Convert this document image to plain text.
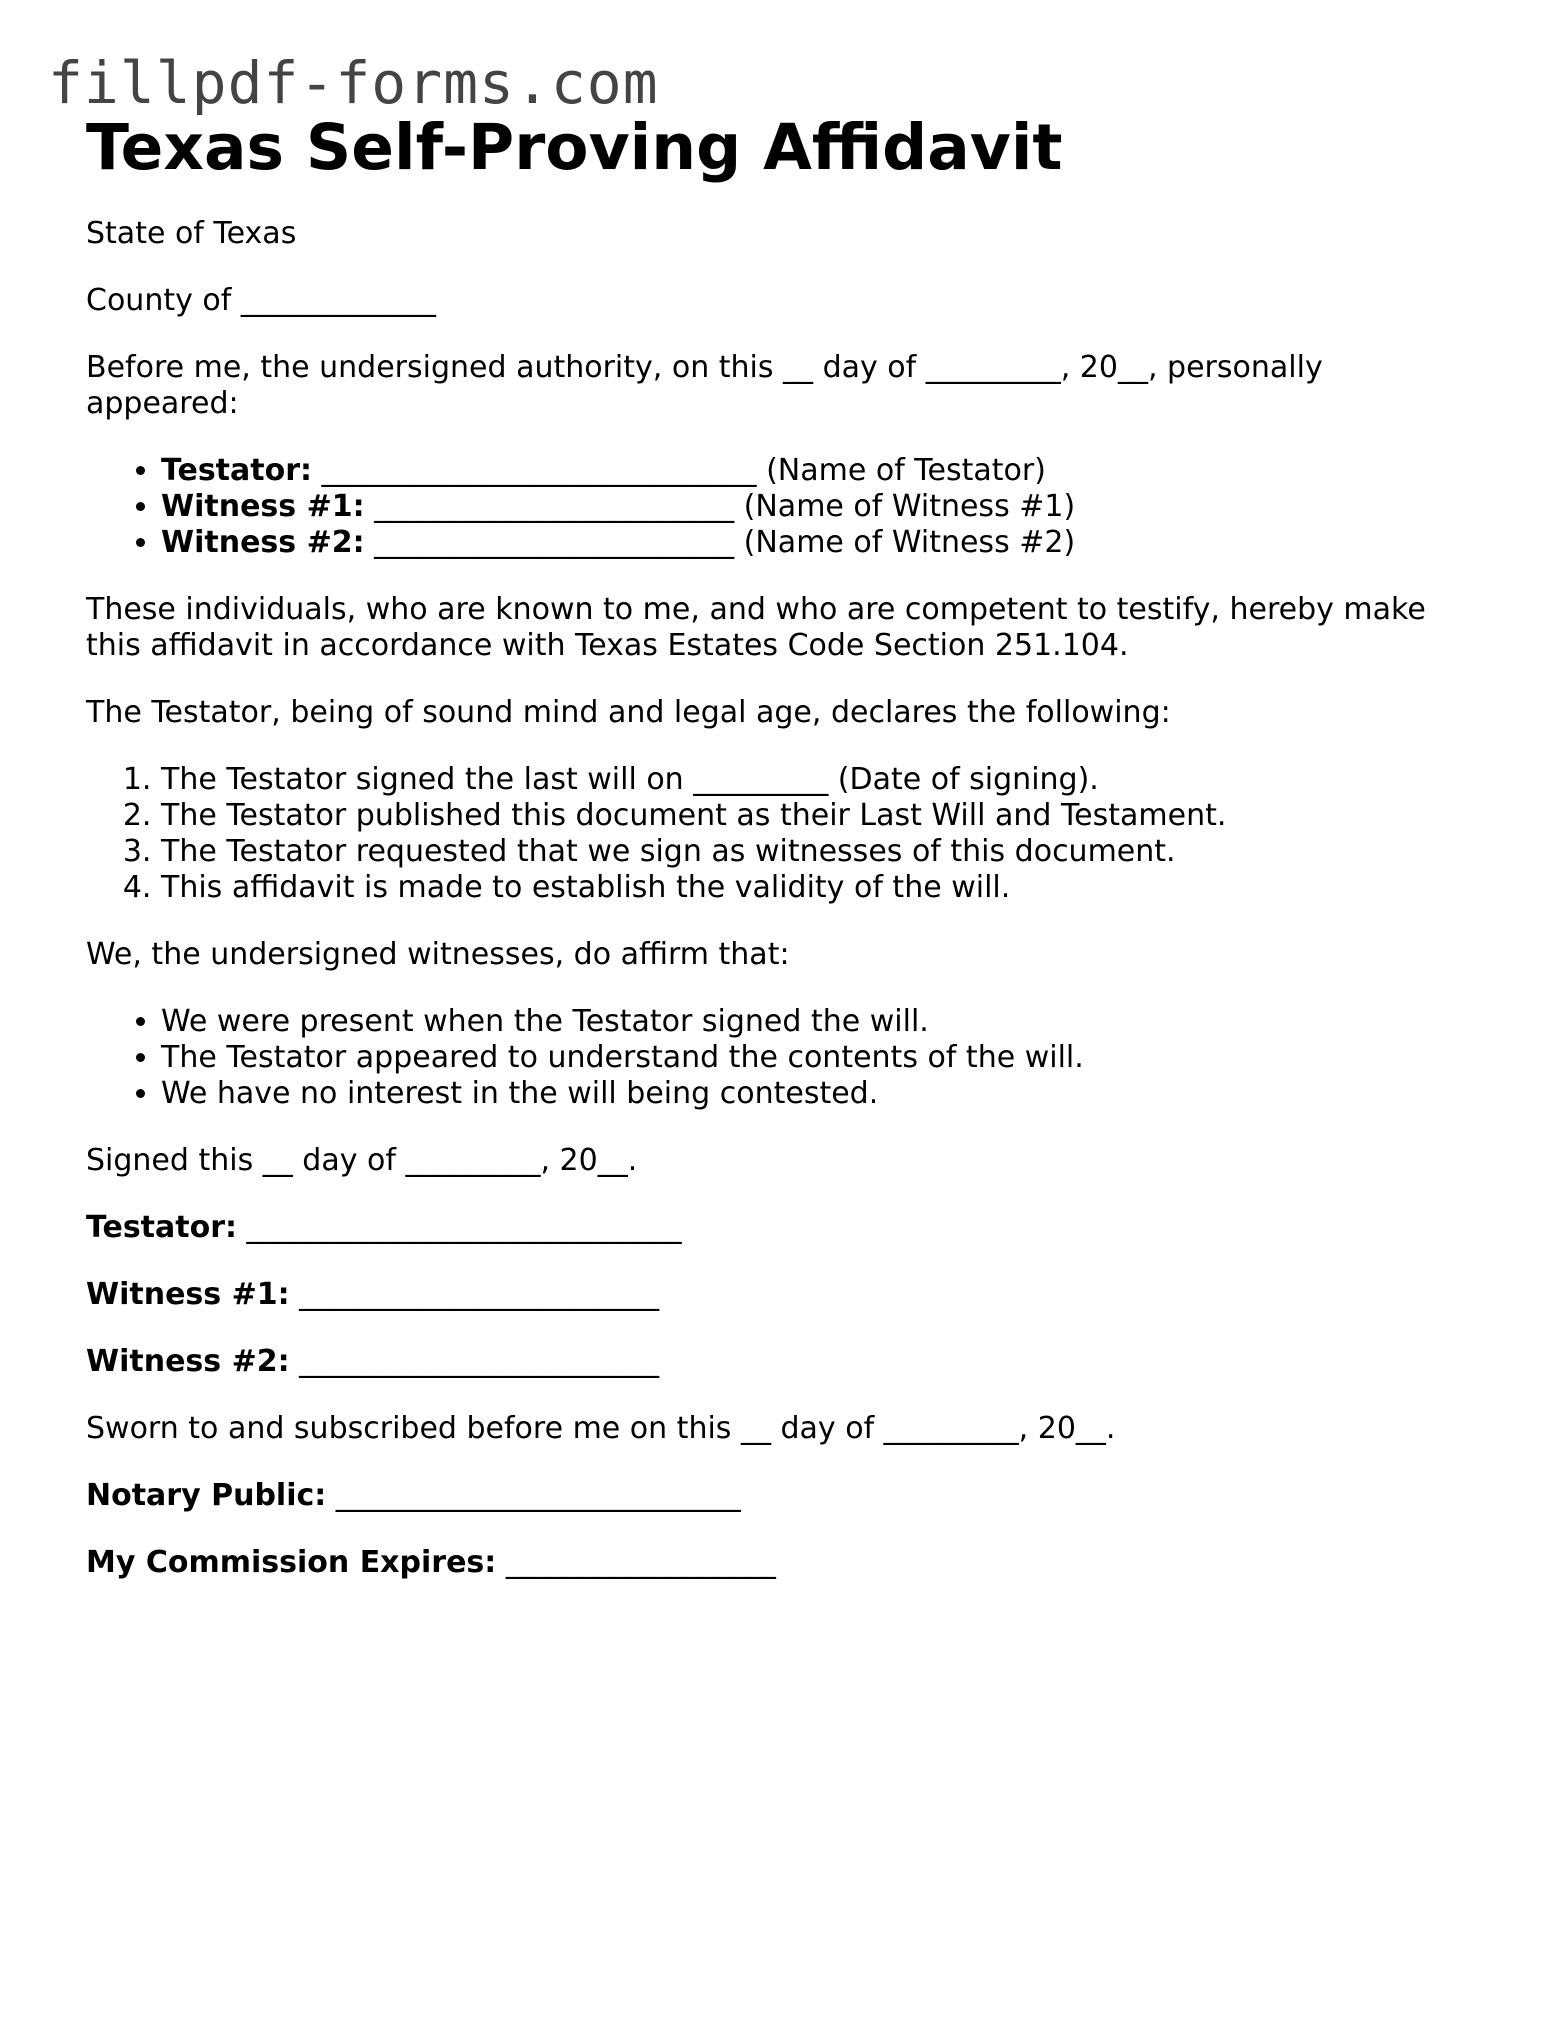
fillpdf-forms.com
Texas Self-Proving Affidavit

State of Texas

County of _____________

Before me, the undersigned authority, on this __ day of _________, 20__, personally appeared:

• Testator: _____________________________ (Name of Testator)
• Witness #1: ________________________ (Name of Witness #1)
• Witness #2: ________________________ (Name of Witness #2)

These individuals, who are known to me, and who are competent to testify, hereby make this affidavit in accordance with Texas Estates Code Section 251.104.

The Testator, being of sound mind and legal age, declares the following:

1. The Testator signed the last will on _________ (Date of signing).
2. The Testator published this document as their Last Will and Testament.
3. The Testator requested that we sign as witnesses of this document.
4. This affidavit is made to establish the validity of the will.

We, the undersigned witnesses, do affirm that:

• We were present when the Testator signed the will.
• The Testator appeared to understand the contents of the will.
• We have no interest in the will being contested.

Signed this __ day of _________, 20__.

Testator: _____________________________

Witness #1: ________________________

Witness #2: ________________________

Sworn to and subscribed before me on this __ day of _________, 20__.

Notary Public: ___________________________

My Commission Expires: __________________
